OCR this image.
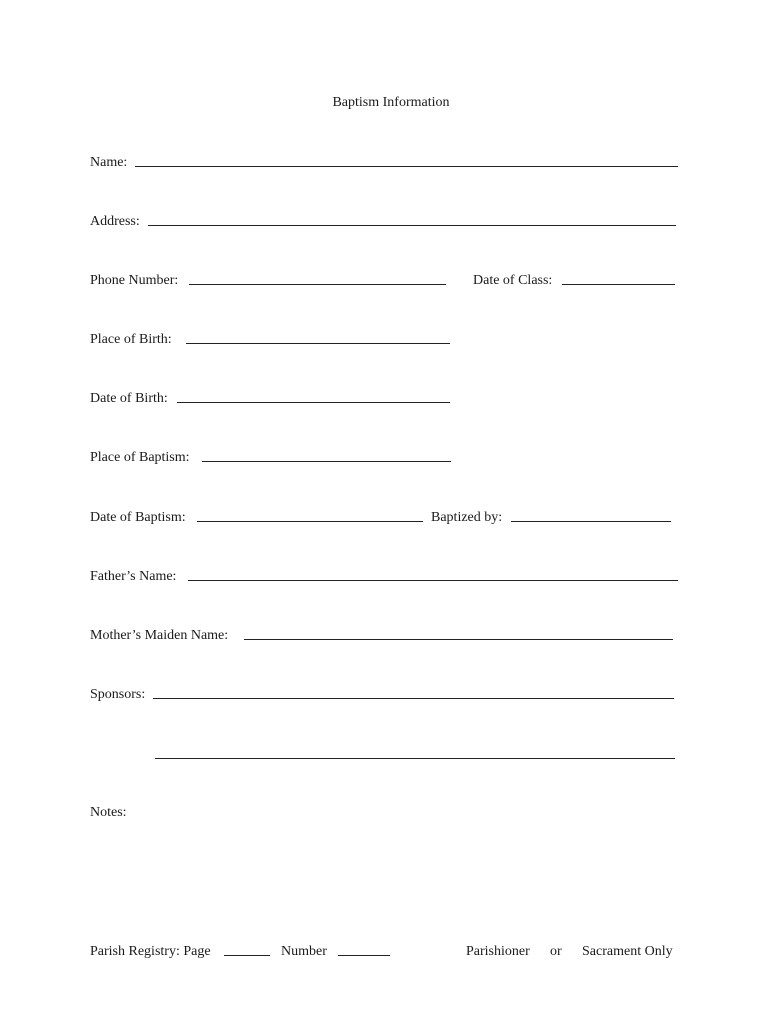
Baptism Information
Name:
Address:
Phone Number:	Date of Class:
Place of Birth:
Date of Birth:
Place of Baptism:
Date of Baptism:	Baptized by:
Father’s Name:
Mother’s Maiden Name:
Sponsors:
Notes:
Parish Registry: Page	Number	Parishioner or Sacrament Only
